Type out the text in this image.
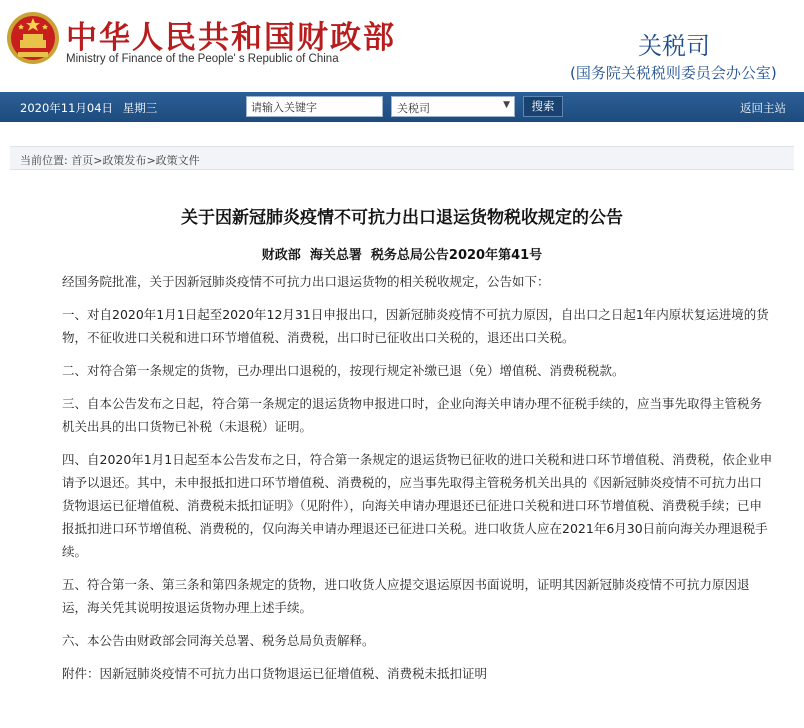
中华人民共和国财政部
Ministry of Finance of the People' s Republic of China	关税司
(国务院关税税则委员会办公室)
2020年11月04日 星期三
请输入关键字	关税司	▼	搜索	返回主站
当前位置: 首页>政策发布>政策文件
关于因新冠肺炎疫情不可抗力出口退运货物税收规定的公告
财政部  海关总署  税务总局公告2020年第41号

经国务院批准，关于因新冠肺炎疫情不可抗力出口退运货物的相关税收规定，公告如下：

一、对自2020年1月1日起至2020年12月31日申报出口，因新冠肺炎疫情不可抗力原因，自出口之日起1年内原状复运进境的货物，不征收进口关税和进口环节增值税、消费税，出口时已征收出口关税的，退还出口关税。

二、对符合第一条规定的货物，已办理出口退税的，按现行规定补缴已退（免）增值税、消费税税款。

三、自本公告发布之日起，符合第一条规定的退运货物申报进口时，企业向海关申请办理不征税手续的，应当事先取得主管税务机关出具的出口货物已补税（未退税）证明。

四、自2020年1月1日起至本公告发布之日，符合第一条规定的退运货物已征收的进口关税和进口环节增值税、消费税，依企业申请予以退还。其中，未申报抵扣进口环节增值税、消费税的，应当事先取得主管税务机关出具的《因新冠肺炎疫情不可抗力出口货物退运已征增值税、消费税未抵扣证明》（见附件），向海关申请办理退还已征进口关税和进口环节增值税、消费税手续；已申报抵扣进口环节增值税、消费税的，仅向海关申请办理退还已征进口关税。进口收货人应在2021年6月30日前向海关办理退税手续。

五、符合第一条、第三条和第四条规定的货物，进口收货人应提交退运原因书面说明，证明其因新冠肺炎疫情不可抗力原因退运，海关凭其说明按退运货物办理上述手续。

六、本公告由财政部会同海关总署、税务总局负责解释。

附件：因新冠肺炎疫情不可抗力出口货物退运已征增值税、消费税未抵扣证明
